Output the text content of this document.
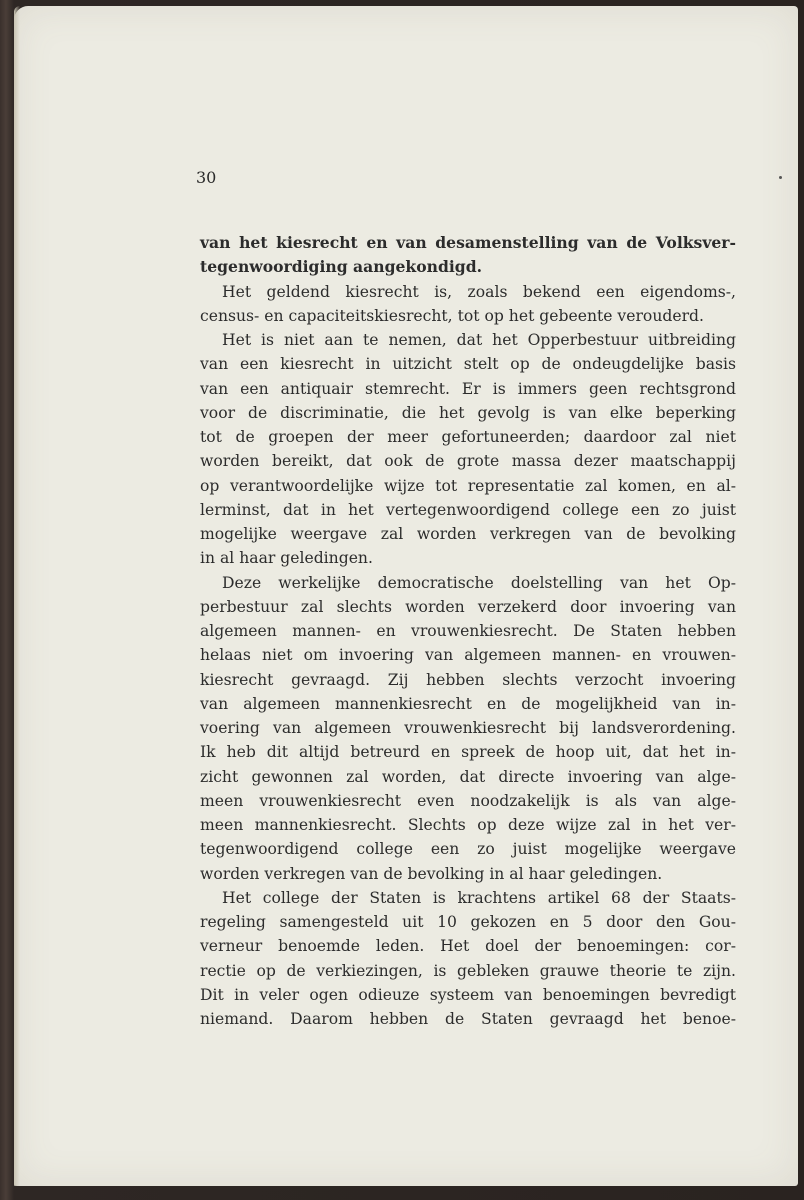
30
van het kiesrecht en van desamenstelling van de Volksver-
tegenwoordiging aangekondigd.
Het geldend kiesrecht is, zoals bekend een eigendoms-,
census- en capaciteitskiesrecht, tot op het gebeente verouderd.
Het is niet aan te nemen, dat het Opperbestuur uitbreiding
van een kiesrecht in uitzicht stelt op de ondeugdelijke basis
van een antiquair stemrecht. Er is immers geen rechtsgrond
voor de discriminatie, die het gevolg is van elke beperking
tot de groepen der meer gefortuneerden; daardoor zal niet
worden bereikt, dat ook de grote massa dezer maatschappij
op verantwoordelijke wijze tot representatie zal komen, en al-
lerminst, dat in het vertegenwoordigend college een zo juist
mogelijke weergave zal worden verkregen van de bevolking
in al haar geledingen.
Deze werkelijke democratische doelstelling van het Op-
perbestuur zal slechts worden verzekerd door invoering van
algemeen mannen- en vrouwenkiesrecht. De Staten hebben
helaas niet om invoering van algemeen mannen- en vrouwen-
kiesrecht gevraagd. Zij hebben slechts verzocht invoering
van algemeen mannenkiesrecht en de mogelijkheid van in-
voering van algemeen vrouwenkiesrecht bij landsverordening.
Ik heb dit altijd betreurd en spreek de hoop uit, dat het in-
zicht gewonnen zal worden, dat directe invoering van alge-
meen vrouwenkiesrecht even noodzakelijk is als van alge-
meen mannenkiesrecht. Slechts op deze wijze zal in het ver-
tegenwoordigend college een zo juist mogelijke weergave
worden verkregen van de bevolking in al haar geledingen.
Het college der Staten is krachtens artikel 68 der Staats-
regeling samengesteld uit 10 gekozen en 5 door den Gou-
verneur benoemde leden. Het doel der benoemingen: cor-
rectie op de verkiezingen, is gebleken grauwe theorie te zijn.
Dit in veler ogen odieuze systeem van benoemingen bevredigt
niemand. Daarom hebben de Staten gevraagd het benoe-
